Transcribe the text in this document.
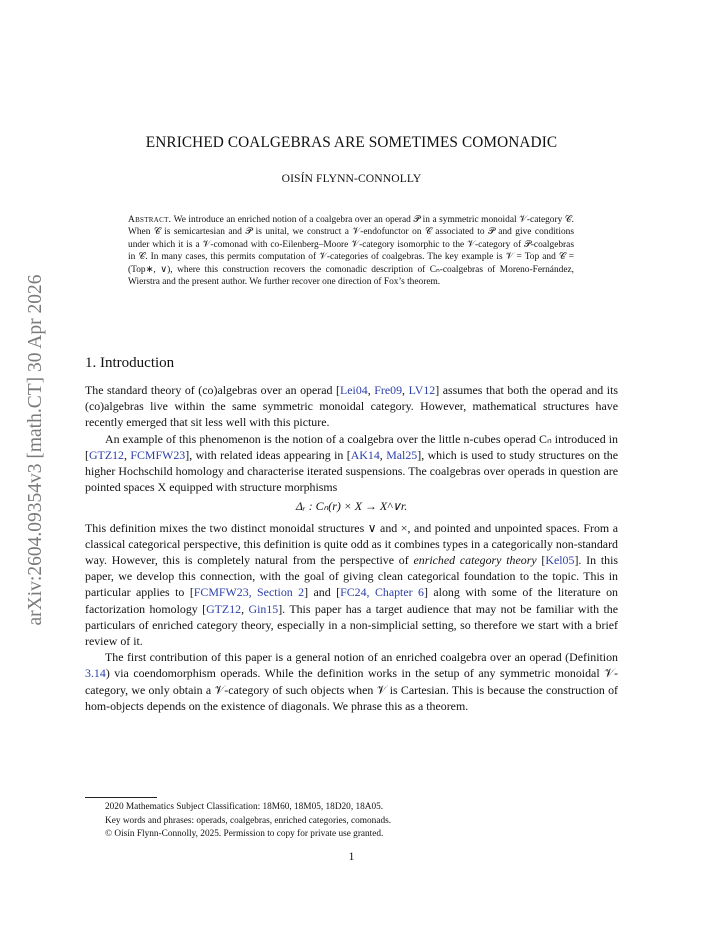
arXiv:2604.09354v3 [math.CT] 30 Apr 2026
ENRICHED COALGEBRAS ARE SOMETIMES COMONADIC
OISÍN FLYNN-CONNOLLY
Abstract. We introduce an enriched notion of a coalgebra over an operad 𝒫 in a symmetric monoidal 𝒱-category 𝒞. When 𝒞 is semicartesian and 𝒫 is unital, we construct a 𝒱-endofunctor on 𝒞 associated to 𝒫 and give conditions under which it is a 𝒱-comonad with co-Eilenberg–Moore 𝒱-category isomorphic to the 𝒱-category of 𝒫-coalgebras in 𝒞. In many cases, this permits computation of 𝒱-categories of coalgebras. The key example is 𝒱 = Top and 𝒞 = (Top∗, ∨), where this construction recovers the comonadic description of Cₙ-coalgebras of Moreno-Fernández, Wierstra and the present author. We further recover one direction of Fox’s theorem.
1. Introduction

The standard theory of (co)algebras over an operad [Lei04, Fre09, LV12] assumes that both the operad and its (co)algebras live within the same symmetric monoidal category. However, mathematical structures have recently emerged that sit less well with this picture.

An example of this phenomenon is the notion of a coalgebra over the little n-cubes operad Cₙ introduced in [GTZ12, FCMFW23], with related ideas appearing in [AK14, Mal25], which is used to study structures on the higher Hochschild homology and characterise iterated suspensions. The coalgebras over operads in question are pointed spaces X equipped with structure morphisms

Δᵣ : Cₙ(r) × X → X^∨r.

This definition mixes the two distinct monoidal structures ∨ and ×, and pointed and unpointed spaces. From a classical categorical perspective, this definition is quite odd as it combines types in a categorically non-standard way. However, this is completely natural from the perspective of enriched category theory [Kel05]. In this paper, we develop this connection, with the goal of giving clean categorical foundation to the topic. This in particular applies to [FCMFW23, Section 2] and [FC24, Chapter 6] along with some of the literature on factorization homology [GTZ12, Gin15]. This paper has a target audience that may not be familiar with the particulars of enriched category theory, especially in a non-simplicial setting, so therefore we start with a brief review of it.

The first contribution of this paper is a general notion of an enriched coalgebra over an operad (Definition 3.14) via coendomorphism operads. While the definition works in the setup of any symmetric monoidal 𝒱-category, we only obtain a 𝒱-category of such objects when 𝒱 is Cartesian. This is because the construction of hom-objects depends on the existence of diagonals. We phrase this as a theorem.

2020 Mathematics Subject Classification: 18M60, 18M05, 18D20, 18A05.
Key words and phrases: operads, coalgebras, enriched categories, comonads.
© Oisín Flynn-Connolly, 2025. Permission to copy for private use granted.
1
